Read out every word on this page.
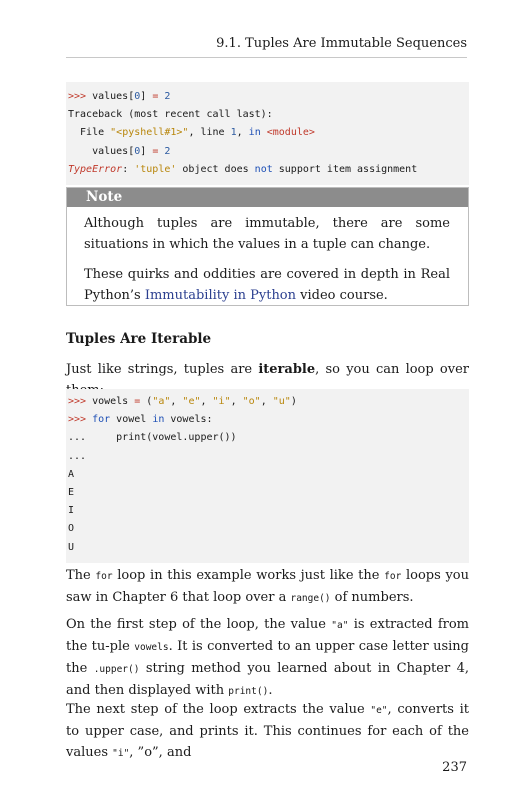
9.1. Tuples Are Immutable Sequences
>>> values[0] = 2
Traceback (most recent call last):
File "<pyshell#1>", line 1, in <module>
values[0] = 2
TypeError: 'tuple' object does not support item assignment
Note

Although tuples are immutable, there are some situations in which the values in a tuple can change.

These quirks and oddities are covered in depth in Real Python’s Immutability in Python video course.

Tuples Are Iterable

Just like strings, tuples are iterable, so you can loop over

>>> vowels = ("a", "e", "i", "o", "u")
>>> for vowel in vowels:
...     print(vowel.upper())
...
A
E
I
O
U

The for loop in this example works just like the for loops you saw in Chapter 6 that loop over a range() of numbers.

On the first step of the loop, the value "a" is extracted from the tu-ple vowels. It is converted to an upper case letter using the .upper() string method you learned about in Chapter 4, and then displayed with print().

The next step of the loop extracts the value "e", converts it to upper case, and prints it. This continues for each of the values "i", ”o”, and

237
